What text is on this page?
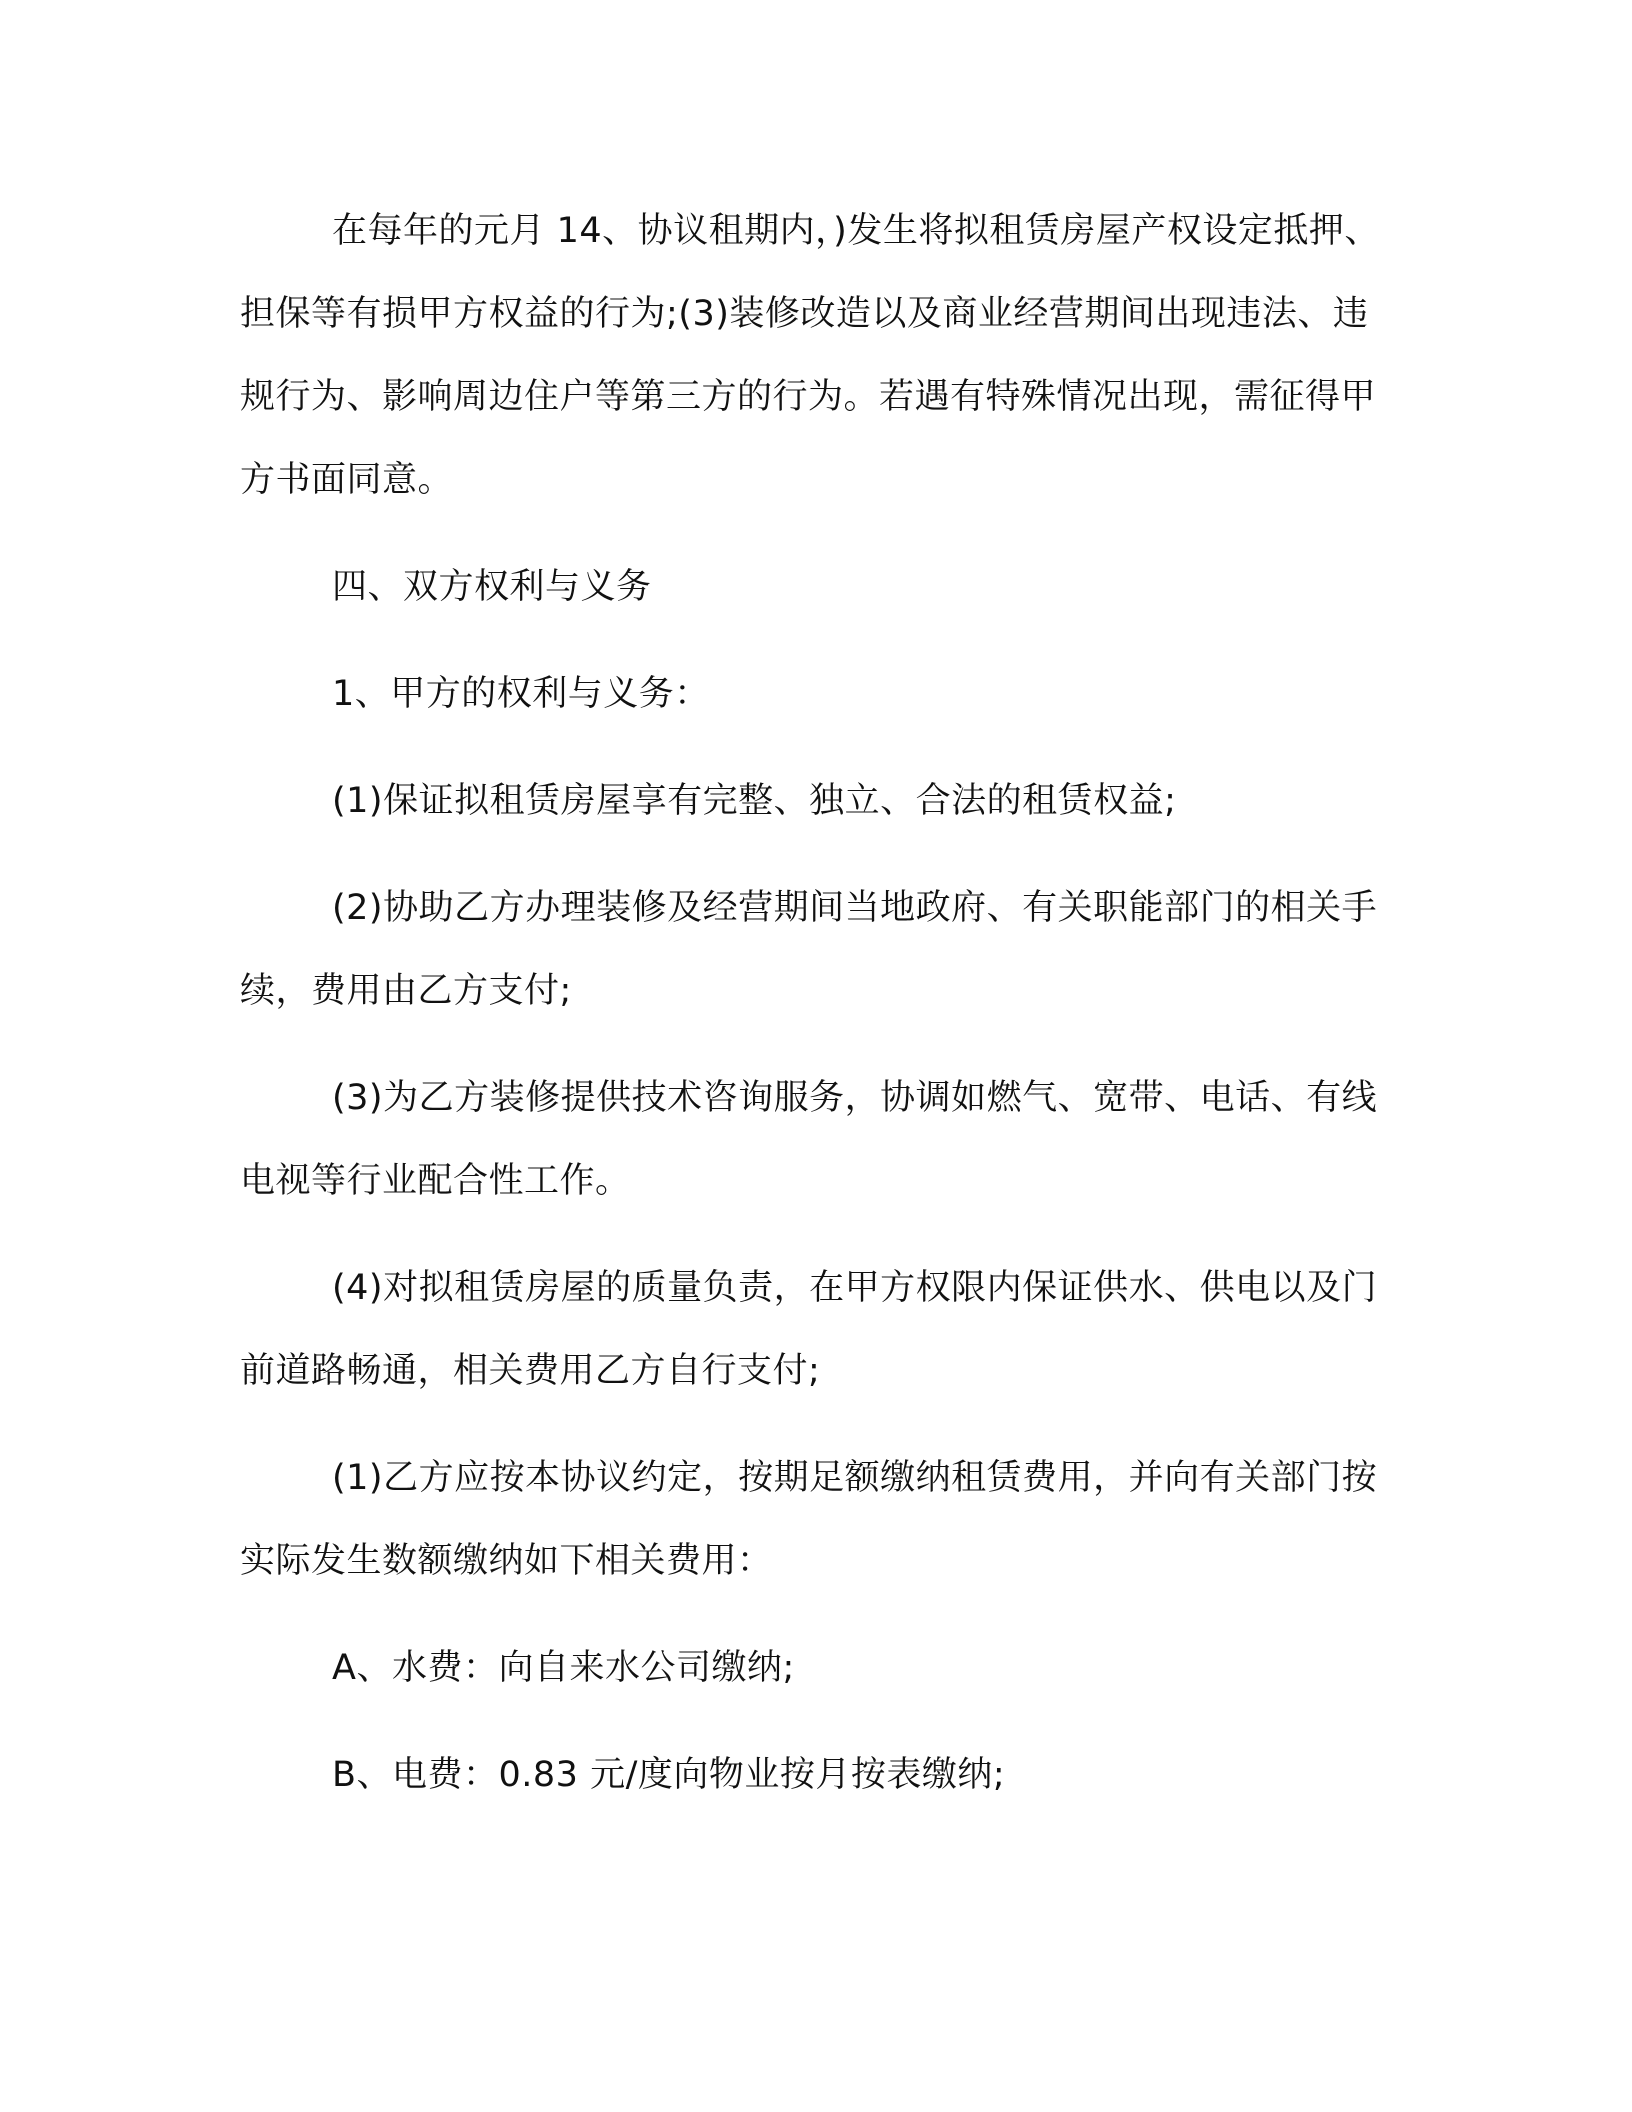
在每年的元月 14、协议租期内，)发生将拟租赁房屋产权设定抵押、担保等有损甲方权益的行为;(3)装修改造以及商业经营期间出现违法、违规行为、影响周边住户等第三方的行为。若遇有特殊情况出现，需征得甲方书面同意。

四、双方权利与义务

1、甲方的权利与义务：

(1)保证拟租赁房屋享有完整、独立、合法的租赁权益;

(2)协助乙方办理装修及经营期间当地政府、有关职能部门的相关手续，费用由乙方支付;

(3)为乙方装修提供技术咨询服务，协调如燃气、宽带、电话、有线电视等行业配合性工作。

(4)对拟租赁房屋的质量负责，在甲方权限内保证供水、供电以及门前道路畅通，相关费用乙方自行支付;

(1)乙方应按本协议约定，按期足额缴纳租赁费用，并向有关部门按实际发生数额缴纳如下相关费用：

A、水费：向自来水公司缴纳;

B、电费：0.83 元/度向物业按月按表缴纳;
